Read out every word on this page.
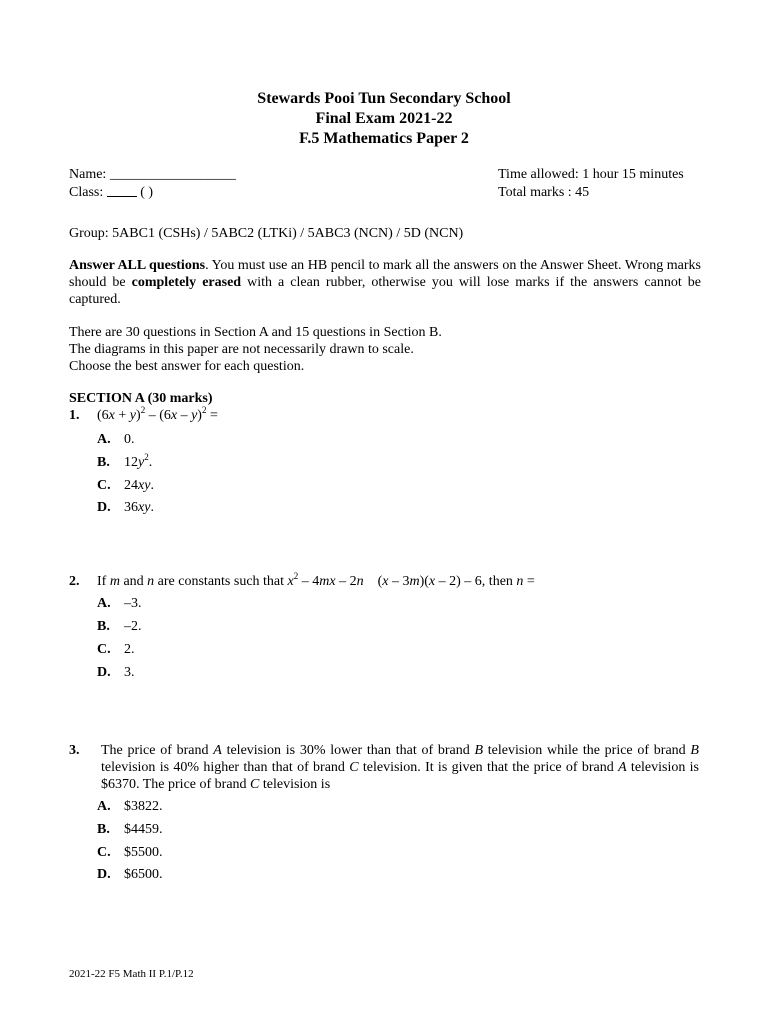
Stewards Pooi Tun Secondary School
Final Exam 2021-22
F.5 Mathematics Paper 2
Name: __________________
Class:	( )
Time allowed: 1 hour 15 minutes
Total marks : 45
Group: 5ABC1 (CSHs) / 5ABC2 (LTKi) / 5ABC3 (NCN) / 5D (NCN)
Answer ALL questions. You must use an HB pencil to mark all the answers on the Answer Sheet. Wrong marks should be completely erased with a clean rubber, otherwise you will lose marks if the answers cannot be captured.
There are 30 questions in Section A and 15 questions in Section B.
The diagrams in this paper are not necessarily drawn to scale.
Choose the best answer for each question.
SECTION A (30 marks)
1. $(6x + y)^2 - (6x - y)^2$ =
A. 0.
B. $12y^2$.
C. 24xy.
D. 36xy.
2. If m and n are constants such that $x^2 - 4mx - 2n$    (x – 3m)(x – 2) – 6, then n =
A. –3.
B. –2.
C. 2.
D. 3.
3. The price of brand A television is 30% lower than that of brand B television while the price of brand B television is 40% higher than that of brand C television. It is given that the price of brand A television is $6370. The price of brand C television is
A. $3822.
B. $4459.
C. $5500.
D. $6500.
2021-22 F5 Math II P.1/P.12
